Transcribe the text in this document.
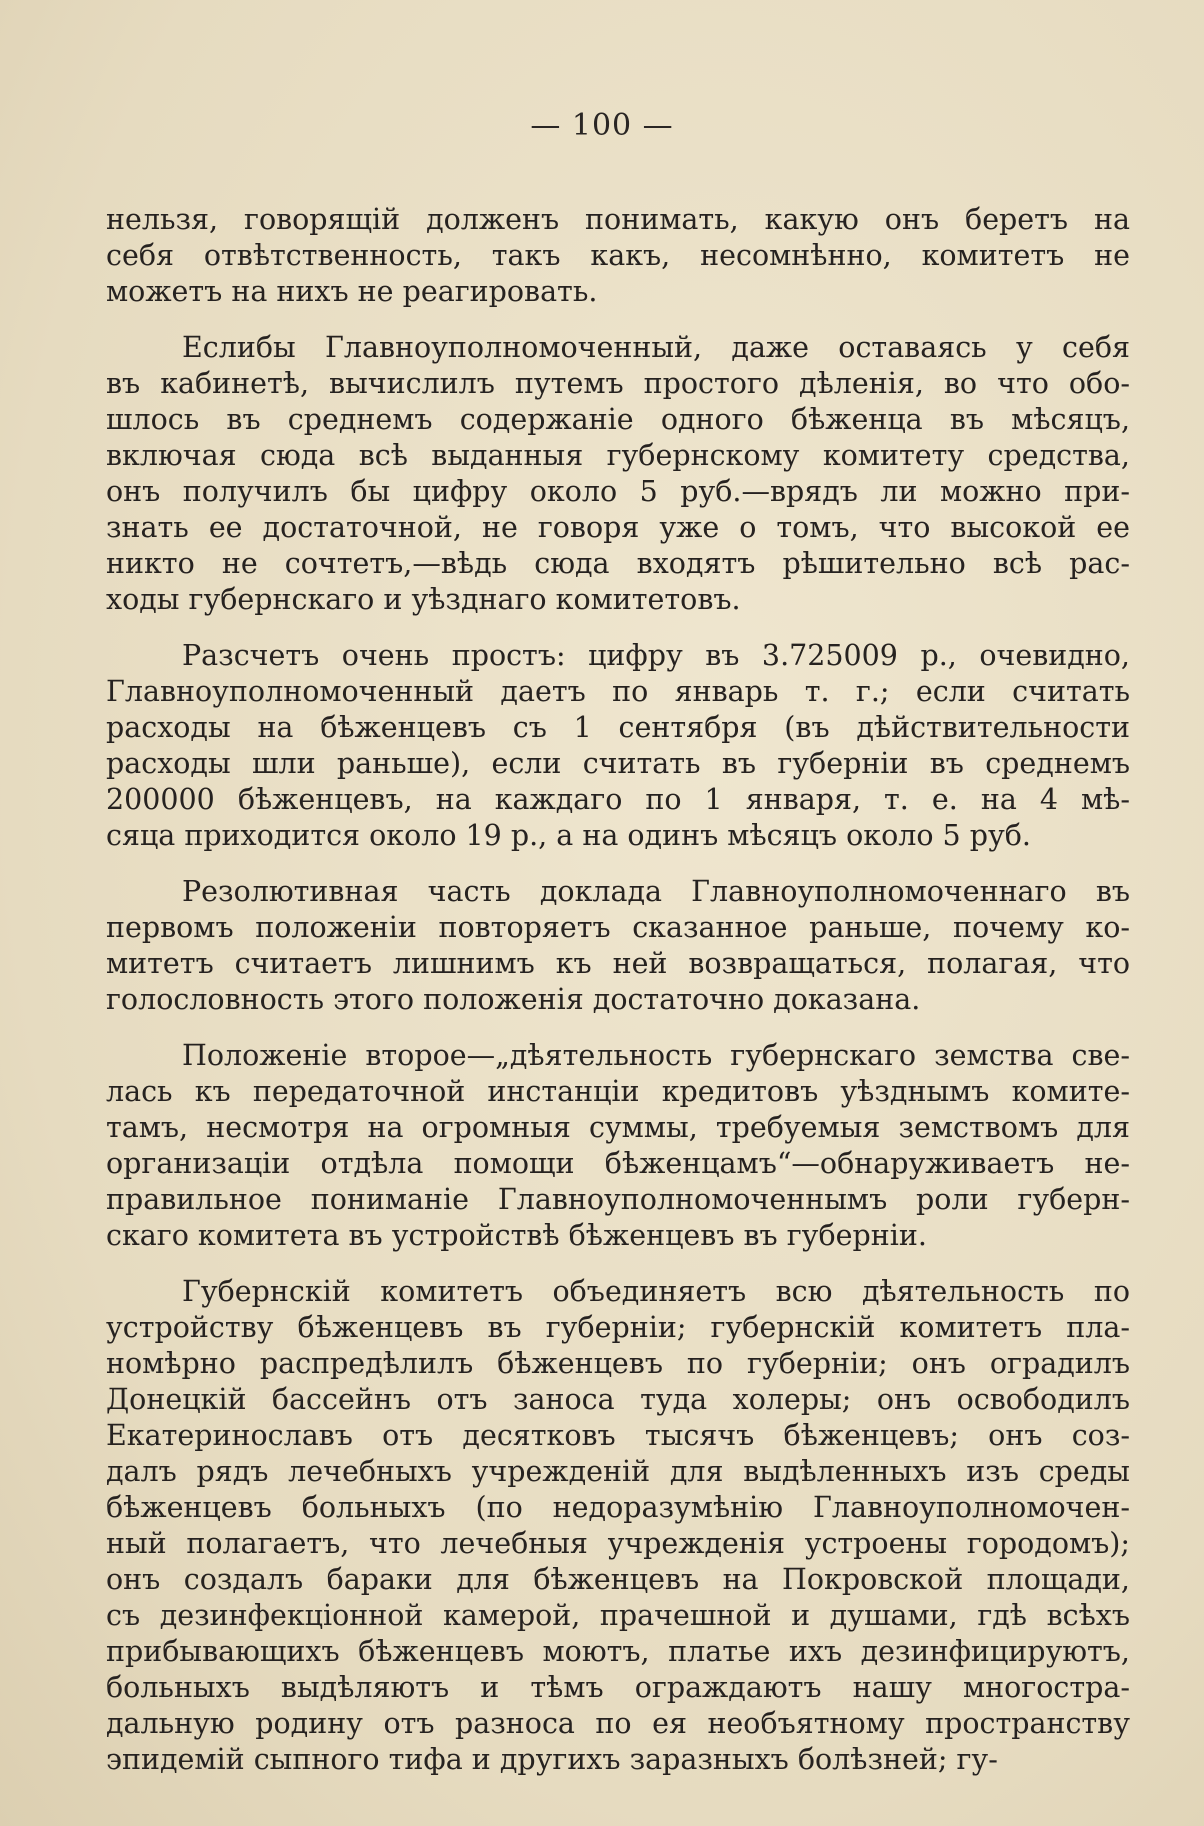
— 100 —
нельзя, говорящій долженъ понимать, какую онъ беретъ на
себя отвѣтственность, такъ какъ, несомнѣнно, комитетъ не
можетъ на нихъ не реагировать.
Еслибы Главноуполномоченный, даже оставаясь у себя
въ кабинетѣ, вычислилъ путемъ простого дѣленія, во что обо-
шлось въ среднемъ содержаніе одного бѣженца въ мѣсяцъ,
включая сюда всѣ выданныя губернскому комитету средства,
онъ получилъ бы цифру около 5 руб.—врядъ ли можно при-
знать ее достаточной, не говоря уже о томъ, что высокой ее
никто не сочтетъ,—вѣдь сюда входятъ рѣшительно всѣ рас-
ходы губернскаго и уѣзднаго комитетовъ.
Разсчетъ очень простъ: цифру въ 3.725009 р., очевидно,
Главноуполномоченный даетъ по январь т. г.; если считать
расходы на бѣженцевъ съ 1 сентября (въ дѣйствительности
расходы шли раньше), если считать въ губерніи въ среднемъ
200000 бѣженцевъ, на каждаго по 1 января, т. е. на 4 мѣ-
сяца приходится около 19 р., а на одинъ мѣсяцъ около 5 руб.
Резолютивная часть доклада Главноуполномоченнаго въ
первомъ положеніи повторяетъ сказанное раньше, почему ко-
митетъ считаетъ лишнимъ къ ней возвращаться, полагая, что
голословность этого положенія достаточно доказана.
Положеніе второе—„дѣятельность губернскаго земства све-
лась къ передаточной инстанціи кредитовъ уѣзднымъ комите-
тамъ, несмотря на огромныя суммы, требуемыя земствомъ для
организаціи отдѣла помощи бѣженцамъ“—обнаруживаетъ не-
правильное пониманіе Главноуполномоченнымъ роли губерн-
скаго комитета въ устройствѣ бѣженцевъ въ губерніи.
Губернскій комитетъ объединяетъ всю дѣятельность по
устройству бѣженцевъ въ губерніи; губернскій комитетъ пла-
номѣрно распредѣлилъ бѣженцевъ по губерніи; онъ оградилъ
Донецкій бассейнъ отъ заноса туда холеры; онъ освободилъ
Екатеринославъ отъ десятковъ тысячъ бѣженцевъ; онъ соз-
далъ рядъ лечебныхъ учрежденій для выдѣленныхъ изъ среды
бѣженцевъ больныхъ (по недоразумѣнію Главноуполномочен-
ный полагаетъ, что лечебныя учрежденія устроены городомъ);
онъ создалъ бараки для бѣженцевъ на Покровской площади,
съ дезинфекціонной камерой, прачешной и душами, гдѣ всѣхъ
прибывающихъ бѣженцевъ моютъ, платье ихъ дезинфицируютъ,
больныхъ выдѣляютъ и тѣмъ ограждаютъ нашу многостра-
дальную родину отъ разноса по ея необъятному пространству
эпидемій сыпного тифа и другихъ заразныхъ болѣзней; гу-
